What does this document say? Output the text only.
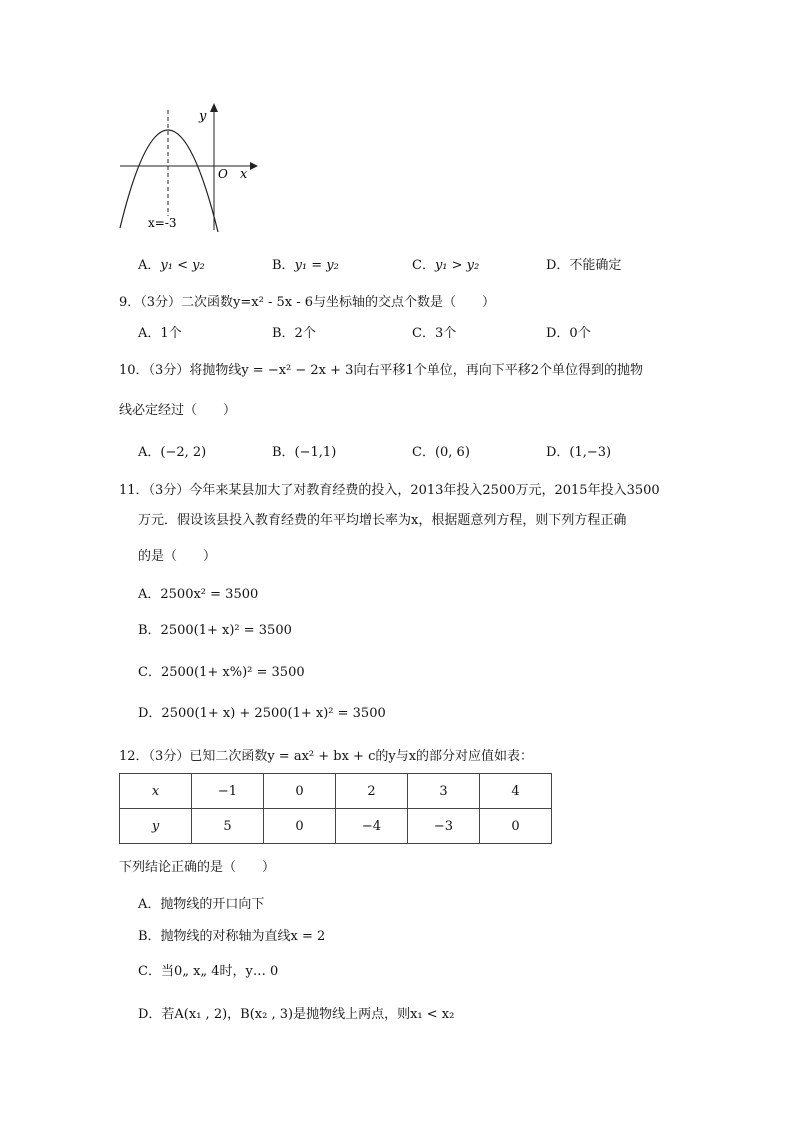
y
x
O
x=-3
A．y₁ < y₂	B．y₁ = y₂	C．y₁ > y₂	D．不能确定
9．（3分）二次函数y=x² - 5x - 6与坐标轴的交点个数是（　　）
A．1个	B．2个	C．3个	D．0个
10．（3分）将抛物线y = −x² − 2x + 3向右平移1个单位，再向下平移2个单位得到的抛物
线必定经过（　　）
A．(−2, 2)	B．(−1,1)	C．(0, 6)	D．(1,−3)
11．（3分）今年来某县加大了对教育经费的投入，2013年投入2500万元，2015年投入3500
万元．假设该县投入教育经费的年平均增长率为x，根据题意列方程，则下列方程正确
的是（　　）
A．2500x² = 3500
B．2500(1+ x)² = 3500
C．2500(1+ x%)² = 3500
D．2500(1+ x) + 2500(1+ x)² = 3500
12．（3分）已知二次函数y = ax² + bx + c的y与x的部分对应值如表：
x	−1	0	2	3	4
y	5	0	−4	−3	0
下列结论正确的是（　　）
A．抛物线的开口向下
B．抛物线的对称轴为直线x = 2
C．当0„ x„ 4时，y… 0
D．若A(x₁ , 2)，B(x₂ , 3)是抛物线上两点，则x₁ < x₂
